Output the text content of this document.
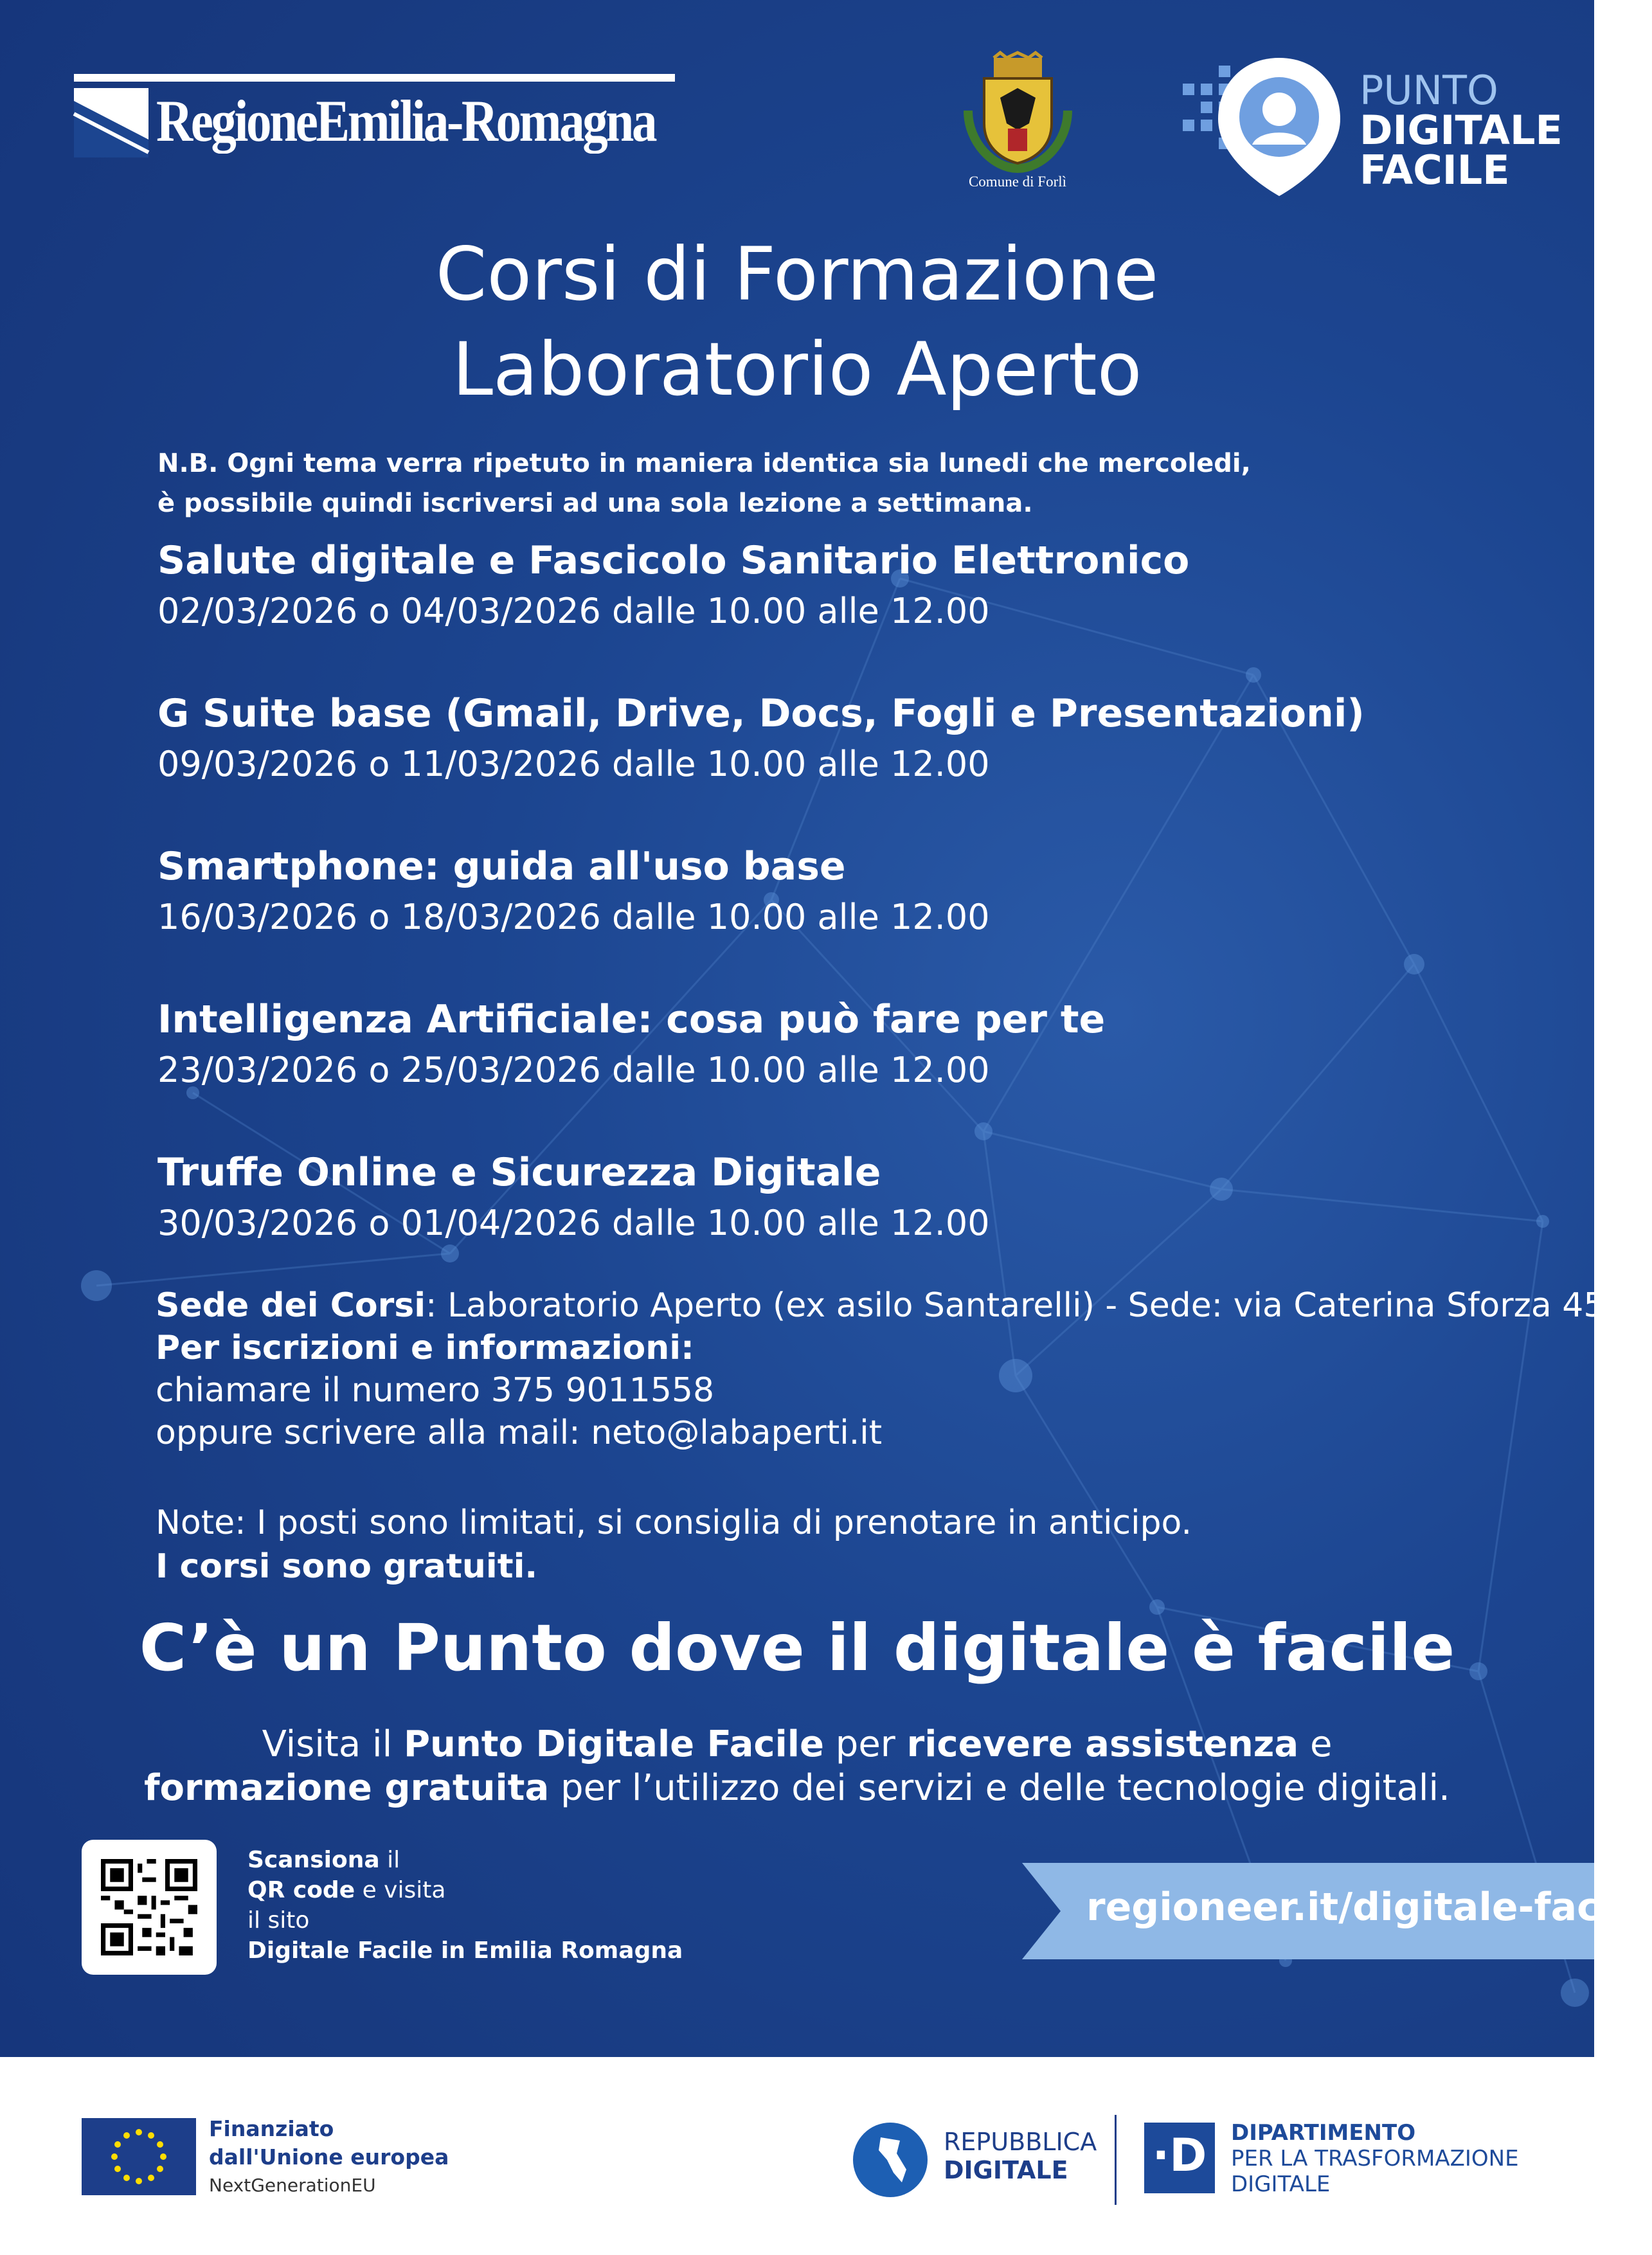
RegioneEmilia-Romagna
Comune di Forlì
PUNTO
DIGITALE
FACILE
Corsi di Formazione
Laboratorio Aperto
N.B. Ogni tema verra ripetuto in maniera identica sia lunedi che mercoledi,
è possibile quindi iscriversi ad una sola lezione a settimana.
Salute digitale e Fascicolo Sanitario Elettronico
02/03/2026 o 04/03/2026 dalle 10.00 alle 12.00
G Suite base (Gmail, Drive, Docs, Fogli e Presentazioni)
09/03/2026 o 11/03/2026 dalle 10.00 alle 12.00
Smartphone: guida all'uso base
16/03/2026 o 18/03/2026 dalle 10.00 alle 12.00
Intelligenza Artificiale: cosa può fare per te
23/03/2026 o 25/03/2026 dalle 10.00 alle 12.00
Truffe Online e Sicurezza Digitale
30/03/2026 o 01/04/2026 dalle 10.00 alle 12.00
Sede dei Corsi: Laboratorio Aperto (ex asilo Santarelli) - Sede: via Caterina Sforza 45
Per iscrizioni e informazioni:
chiamare il numero 375 9011558
oppure scrivere alla mail: neto@labaperti.it
Note: I posti sono limitati, si consiglia di prenotare in anticipo.
I corsi sono gratuiti.
C’è un Punto dove il digitale è facile
Visita il Punto Digitale Facile per ricevere assistenza e
formazione gratuita per l’utilizzo dei servizi e delle tecnologie digitali.
Scansiona il
QR code e visita
il sito
Digitale Facile in Emilia Romagna
regioneer.it/digitale-facile
Finanziato
dall'Unione europea
NextGenerationEU
REPUBBLICA
DIGITALE	·D	DIPARTIMENTO
PER LA TRASFORMAZIONE
DIGITALE
